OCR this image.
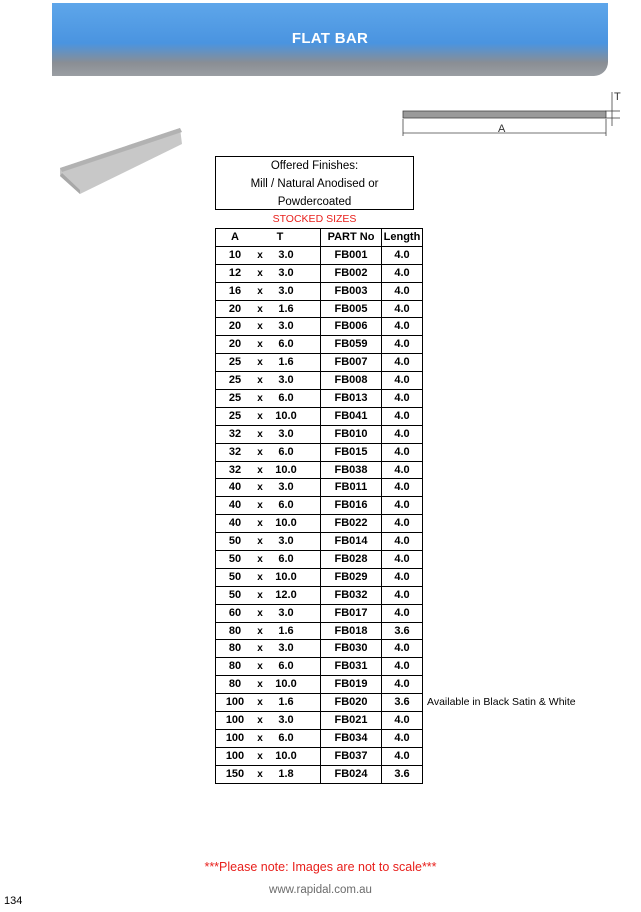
FLAT BAR
A
T
Offered Finishes:
Mill / Natural Anodised or
Powdercoated
STOCKED SIZES
A T	PART No	Length	

10 x 3.0	FB001	4.0	

12 x 3.0	FB002	4.0	

16 x 3.0	FB003	4.0	

20 x 1.6	FB005	4.0	

20 x 3.0	FB006	4.0	

20 x 6.0	FB059	4.0	

25 x 1.6	FB007	4.0	

25 x 3.0	FB008	4.0	

25 x 6.0	FB013	4.0	

25 x 10.0	FB041	4.0	

32 x 3.0	FB010	4.0	

32 x 6.0	FB015	4.0	

32 x 10.0	FB038	4.0	

40 x 3.0	FB011	4.0	

40 x 6.0	FB016	4.0	

40 x 10.0	FB022	4.0	

50 x 3.0	FB014	4.0	

50 x 6.0	FB028	4.0	

50 x 10.0	FB029	4.0	

50 x 12.0	FB032	4.0	

60 x 3.0	FB017	4.0	

80 x 1.6	FB018	3.6	

80 x 3.0	FB030	4.0	

80 x 6.0	FB031	4.0	

80 x 10.0	FB019	4.0	

100 x 1.6	FB020	3.6	Available in Black Satin & White

100 x 3.0	FB021	4.0	

100 x 6.0	FB034	4.0	

100 x 10.0	FB037	4.0	

150 x 1.8	FB024	3.6	
***Please note: Images are not to scale***
www.rapidal.com.au
134
